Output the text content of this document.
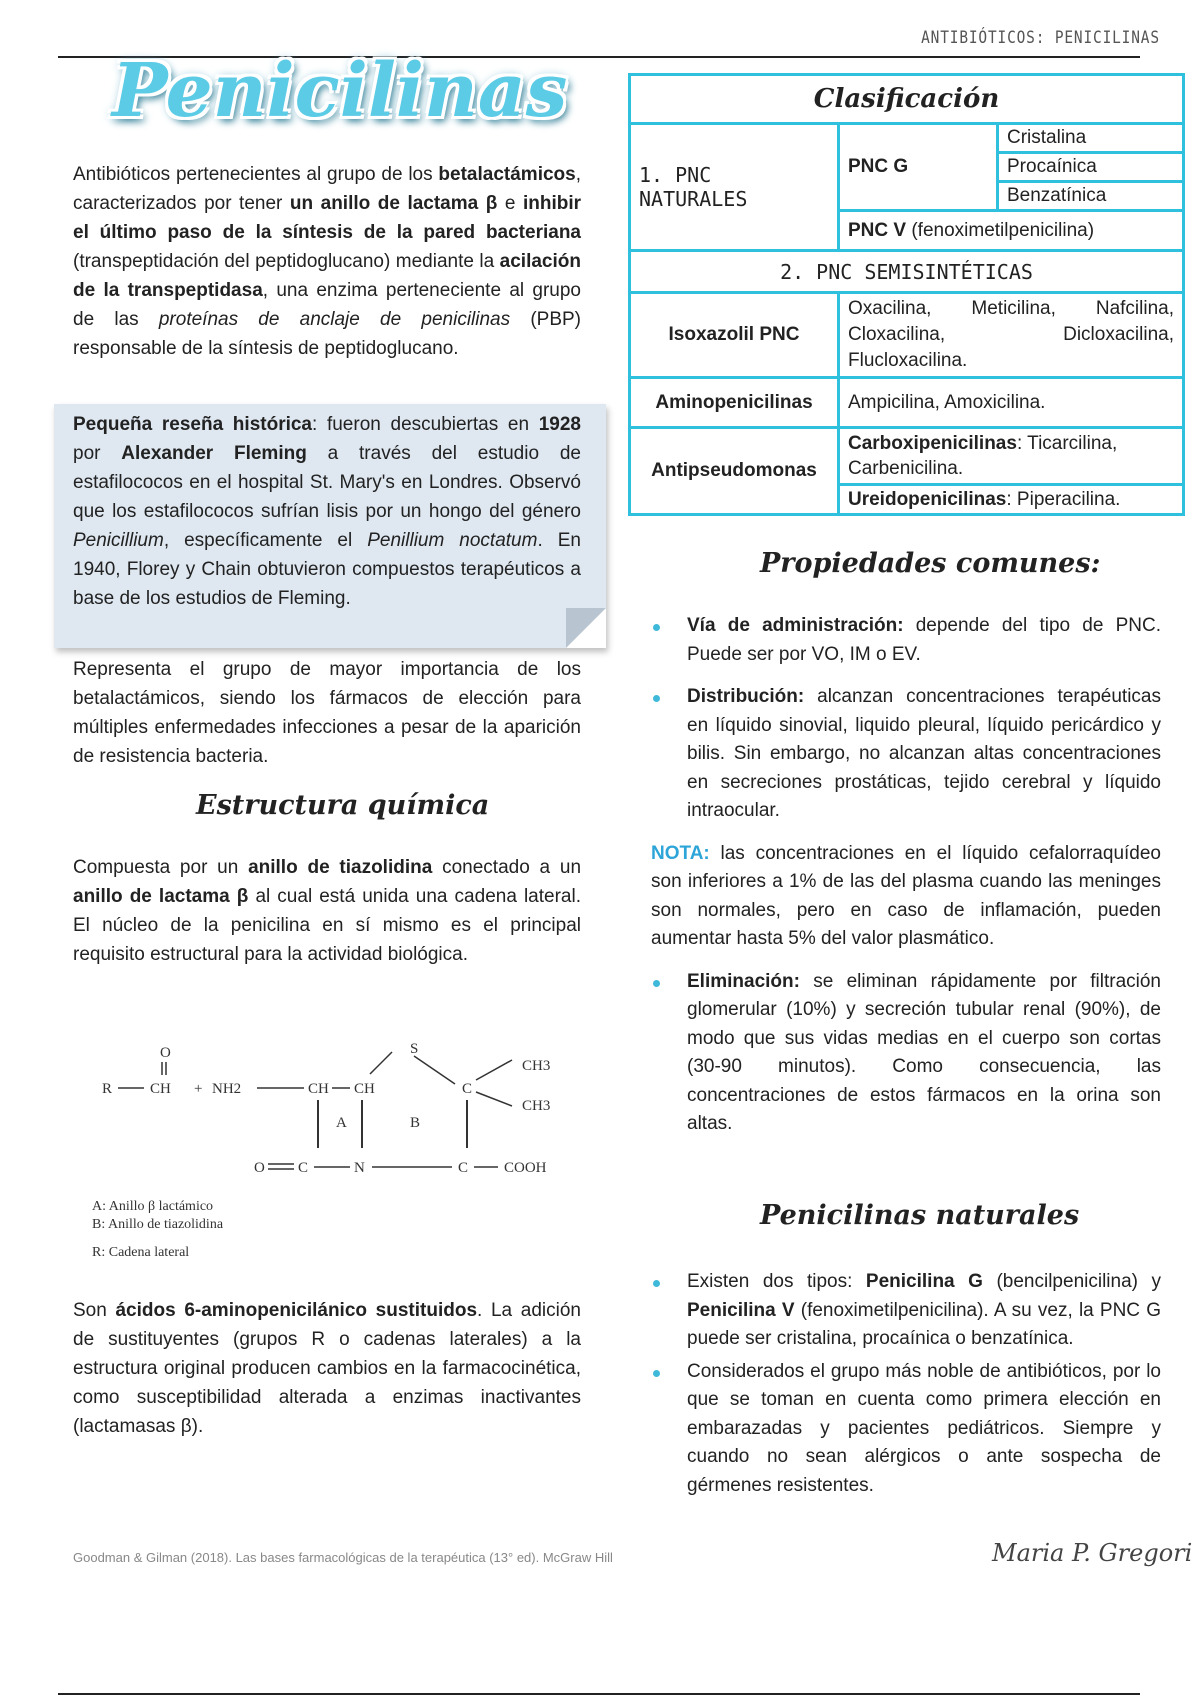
ANTIBIÓTICOS: PENICILINAS
Penicilinas

Antibióticos pertenecientes al grupo de los betalactámicos, caracterizados por tener un anillo de lactama β e inhibir el último paso de la síntesis de la pared bacteriana (transpeptidación del peptidoglucano) mediante la acilación de la transpeptidasa, una enzima perteneciente al grupo de las proteínas de anclaje de penicilinas (PBP) responsable de la síntesis de peptidoglucano.

Pequeña reseña histórica: fueron descubiertas en 1928 por Alexander Fleming a través del estudio de estafilococos en el hospital St. Mary's en Londres. Observó que los estafilococos sufrían lisis por un hongo del género Penicillium, específicamente el Penillium noctatum. En 1940, Florey y Chain obtuvieron compuestos terapéuticos a base de los estudios de Fleming.

Representa el grupo de mayor importancia de los betalactámicos, siendo los fármacos de elección para múltiples enfermedades infecciones a pesar de la aparición de resistencia bacteria.

Estructura química

Compuesta por un anillo de tiazolidina conectado a un anillo de lactama β al cual está unida una cadena lateral. El núcleo de la penicilina en sí mismo es el principal requisito estructural para la actividad biológica.

O
R	CH + NH2	CH CH
S
C
CH3
CH3
A	B
O C	N	C COOH
A: Anillo β lactámico
B: Anillo de tiazolidina
R: Cadena lateral

Son ácidos 6-aminopenicilánico sustituidos. La adición de sustituyentes (grupos R o cadenas laterales) a la estructura original producen cambios en la farmacocinética, como susceptibilidad alterada a enzimas inactivantes (lactamasas β).

Clasificación		
1. PNC NATURALES	PNC G	Cristalina
		Procaínica
		Benzatínica
	PNC V (fenoximetilpenicilina)	
2. PNC SEMISINTÉTICAS		
Isoxazolil PNC	Oxacilina, Meticilina, Nafcilina, Cloxacilina, Dicloxacilina, Flucloxacilina.	
Aminopenicilinas	Ampicilina, Amoxicilina.	
Antipseudomonas	Carboxipenicilinas: Ticarcilina, Carbenicilina.	
	Ureidopenicilinas: Piperacilina.	
Propiedades comunes:
Vía de administración: depende del tipo de PNC. Puede ser por VO, IM o EV.
Distribución: alcanzan concentraciones terapéuticas en líquido sinovial, liquido pleural, líquido pericárdico y bilis. Sin embargo, no alcanzan altas concentraciones en secreciones prostáticas, tejido cerebral y líquido intraocular.

NOTA: las concentraciones en el líquido cefalorraquídeo son inferiores a 1% de las del plasma cuando las meninges son normales, pero en caso de inflamación, pueden aumentar hasta 5% del valor plasmático.

Eliminación: se eliminan rápidamente por filtración glomerular (10%) y secreción tubular renal (90%), de modo que sus vidas medias en el cuerpo son cortas (30-90 minutos). Como consecuencia, las concentraciones de estos fármacos en la orina son altas.
Penicilinas naturales
Existen dos tipos: Penicilina G (bencilpenicilina) y Penicilina V (fenoximetilpenicilina). A su vez, la PNC G puede ser cristalina, procaínica o benzatínica.
Considerados el grupo más noble de antibióticos, por lo que se toman en cuenta como primera elección en embarazadas y pacientes pediátricos. Siempre y cuando no sean alérgicos o ante sospecha de gérmenes resistentes.
Goodman & Gilman (2018). Las bases farmacológicas de la terapéutica (13° ed). McGraw Hill	Maria P. Gregori
